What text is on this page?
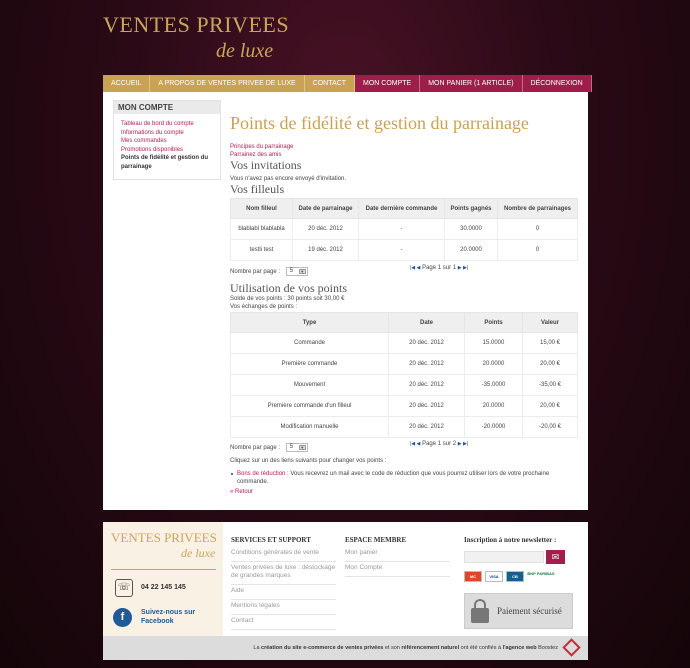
VENTES PRIVEES
de luxe
ACCUEIL	A PROPOS DE VENTES PRIVEE DE LUXE	CONTACT	MON COMPTE	MON PANIER (1 ARTICLE)	DÉCONNEXION
MON COMPTE
Tableau de bord du compte
Informations du compte
Mes commandes
Promotions disponibles
Points de fidélité et gestion du parrainage
Points de fidélité et gestion du parrainage
Principes du parrainage
Parrainez des amis
Vos invitations
Vous n'avez pas encore envoyé d'invitation.
Vos filleuls
Nom filleul	Date de parrainage	Date dernière commande	Points gagnés	Nombre de parrainages
blablabl blablabla	20 déc. 2012	-	30.0000	0
testli test	19 déc. 2012	-	20.0000	0
Nombre par page : 5	▼
|◀ ◀ Page 1 sur 1 ▶ ▶|
Utilisation de vos points
Solde de vos points : 30 points soit 30,00 €
Vos échanges de points :
Type	Date	Points	Valeur
Commande	20 déc. 2012	15.0000	15,00 €
Première commande	20 déc. 2012	20.0000	20,00 €
Mouvement	20 déc. 2012	-35.0000	-35,00 €
Première commande d'un filleul	20 déc. 2012	20.0000	20,00 €
Modification manuelle	20 déc. 2012	-20.0000	-20,00 €
Nombre par page : 5	▼
|◀ ◀ Page 1 sur 2 ▶ ▶|
Cliquez sur un des liens suivants pour changer vos points :
Bons de réduction : Vous recevrez un mail avec le code de réduction que vous pourrez utiliser lors de votre prochaine commande.
« Retour
VENTES PRIVEES
de luxe
☏	04 22 145 145
f	Suivez-nous sur Facebook
SERVICES ET SUPPORT
Conditions générales de vente
Ventes privées de luxe : déstockage de grandes marques
Aide
Mentions légales
Contact
ESPACE MEMBRE
Mon panier
Mon Compte
Inscription à notre newsletter :
✉
MC	VISA	CB
BNP PARIBAS
Paiement sécurisé
La création du site e-commerce de ventes privées et son référencement naturel ont été confiés à l'agence web Boostez
